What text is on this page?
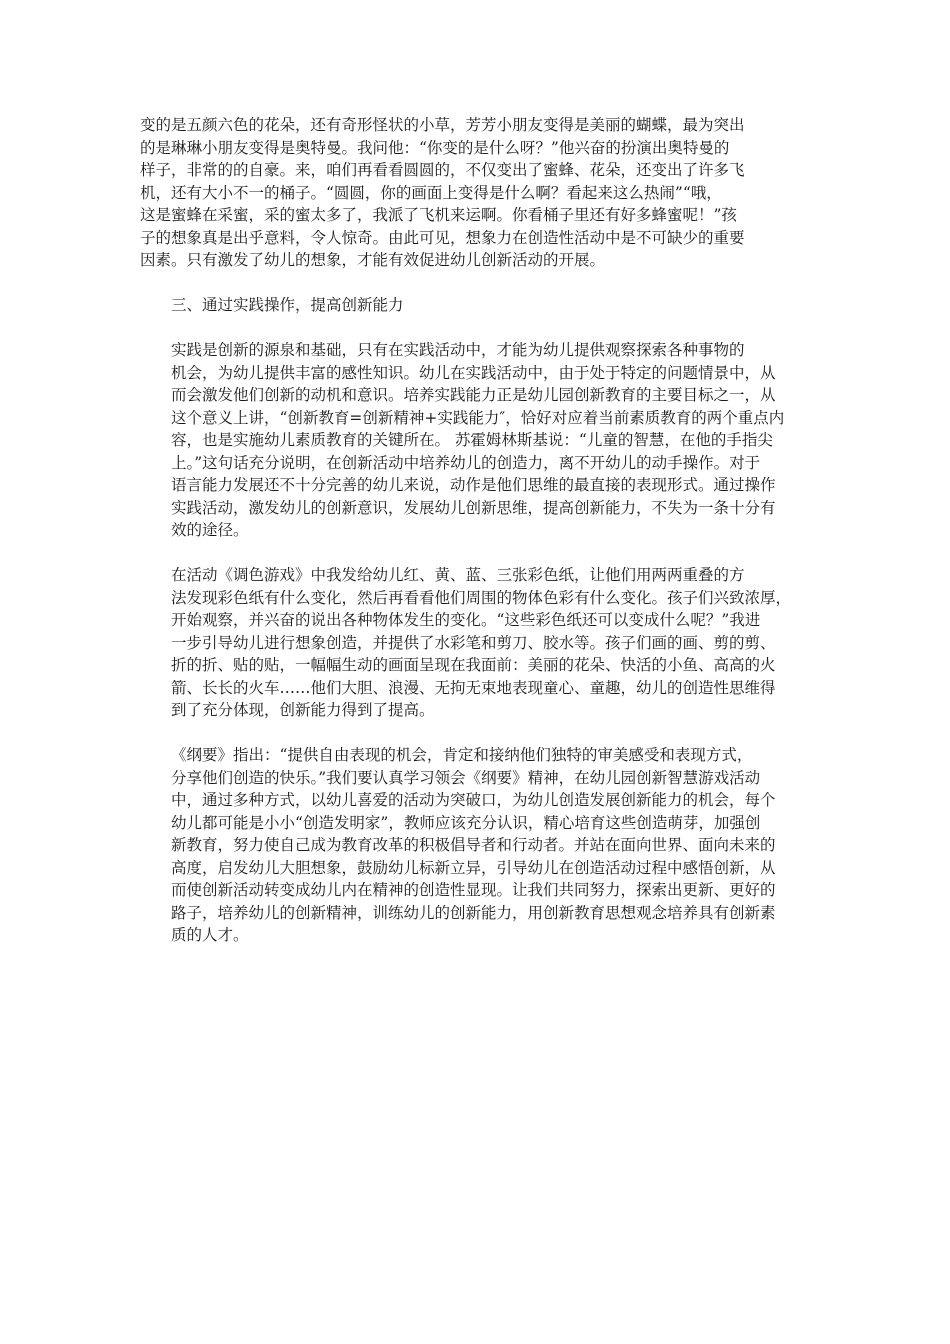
变的是五颜六色的花朵，还有奇形怪状的小草，芳芳小朋友变得是美丽的蝴蝶，最为突出
的是琳琳小朋友变得是奥特曼。我问他：“你变的是什么呀？”他兴奋的扮演出奥特曼的
样子，非常的的自豪。来，咱们再看看圆圆的，不仅变出了蜜蜂、花朵，还变出了许多飞
机，还有大小不一的桶子。“圆圆，你的画面上变得是什么啊？看起来这么热闹”“哦，
这是蜜蜂在采蜜，采的蜜太多了，我派了飞机来运啊。你看桶子里还有好多蜂蜜呢！”孩
子的想象真是出乎意料，令人惊奇。由此可见，想象力在创造性活动中是不可缺少的重要
因素。只有激发了幼儿的想象，才能有效促进幼儿创新活动的开展。

三、通过实践操作，提高创新能力

实践是创新的源泉和基础，只有在实践活动中，才能为幼儿提供观察探索各种事物的
机会，为幼儿提供丰富的感性知识。幼儿在实践活动中，由于处于特定的问题情景中，从
而会激发他们创新的动机和意识。培养实践能力正是幼儿园创新教育的主要目标之一，从
这个意义上讲，“创新教育=创新精神+实践能力″，恰好对应着当前素质教育的两个重点内
容，也是实施幼儿素质教育的关键所在。 苏霍姆林斯基说：“儿童的智慧，在他的手指尖
上。”这句话充分说明，在创新活动中培养幼儿的创造力，离不开幼儿的动手操作。对于
语言能力发展还不十分完善的幼儿来说，动作是他们思维的最直接的表现形式。通过操作
实践活动，激发幼儿的创新意识，发展幼儿创新思维，提高创新能力，不失为一条十分有
效的途径。

在活动《调色游戏》中我发给幼儿红、黄、蓝、三张彩色纸，让他们用两两重叠的方
法发现彩色纸有什么变化，然后再看看他们周围的物体色彩有什么变化。孩子们兴致浓厚，
开始观察，并兴奋的说出各种物体发生的变化。“这些彩色纸还可以变成什么呢？”我进
一步引导幼儿进行想象创造，并提供了水彩笔和剪刀、胶水等。孩子们画的画、剪的剪、
折的折、贴的贴，一幅幅生动的画面呈现在我面前：美丽的花朵、快活的小鱼、高高的火
箭、长长的火车……他们大胆、浪漫、无拘无束地表现童心、童趣，幼儿的创造性思维得
到了充分体现，创新能力得到了提高。

《纲要》指出：“提供自由表现的机会，肯定和接纳他们独特的审美感受和表现方式，
分享他们创造的快乐。”我们要认真学习领会《纲要》精神，在幼儿园创新智慧游戏活动
中，通过多种方式，以幼儿喜爱的活动为突破口，为幼儿创造发展创新能力的机会，每个
幼儿都可能是小小“创造发明家”，教师应该充分认识，精心培育这些创造萌芽，加强创
新教育，努力使自己成为教育改革的积极倡导者和行动者。并站在面向世界、面向未来的
高度，启发幼儿大胆想象，鼓励幼儿标新立异，引导幼儿在创造活动过程中感悟创新，从
而使创新活动转变成幼儿内在精神的创造性显现。让我们共同努力，探索出更新、更好的
路子，培养幼儿的创新精神，训练幼儿的创新能力，用创新教育思想观念培养具有创新素
质的人才。
